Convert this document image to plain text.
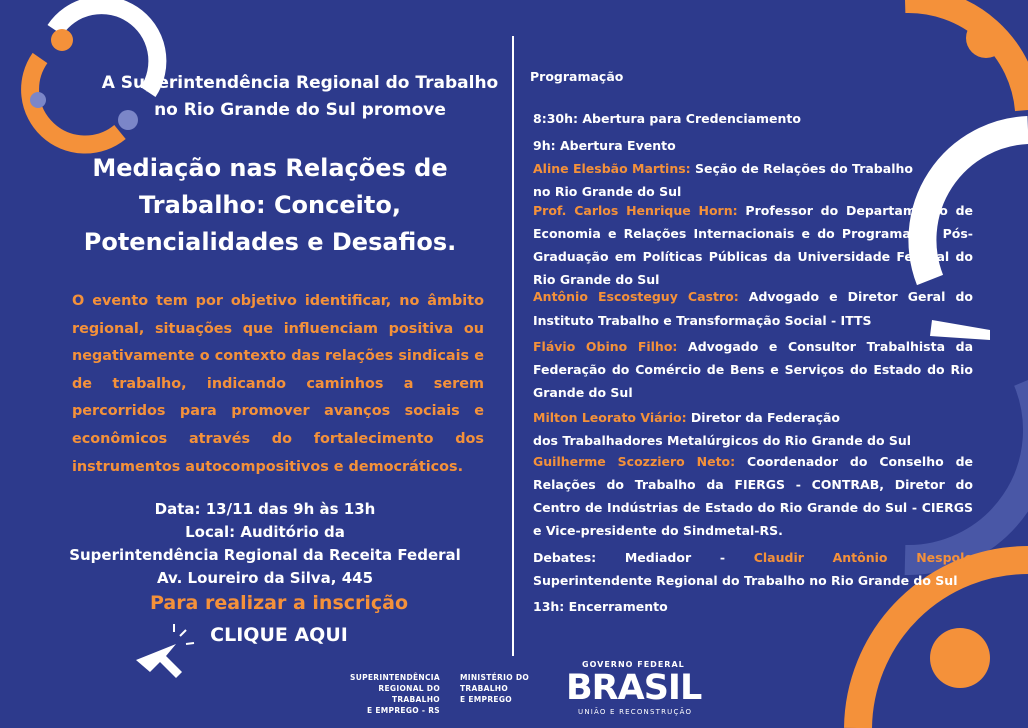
A Superintendência Regional do Trabalho
no Rio Grande do Sul promove
Mediação nas Relações de
Trabalho: Conceito,
Potencialidades e Desafios.
O evento tem por objetivo identificar, no âmbito
regional, situações que influenciam positiva ou
negativamente o contexto das relações sindicais e
de trabalho, indicando caminhos a serem
percorridos para promover avanços sociais e
econômicos através do fortalecimento dos
instrumentos autocompositivos e democráticos.
Data: 13/11 das 9h às 13h
Local: Auditório da
Superintendência Regional da Receita Federal
Av. Loureiro da Silva, 445
Para realizar a inscrição
CLIQUE AQUI
Programação
8:30h: Abertura para Credenciamento
9h: Abertura Evento
Aline Elesbão Martins: Seção de Relações do Trabalho
no Rio Grande do Sul
Prof. Carlos Henrique Horn: Professor do Departamento de
Economia e Relações Internacionais e do Programa de Pós-
Graduação em Políticas Públicas da Universidade Federal do
Rio Grande do Sul
Antônio Escosteguy Castro: Advogado e Diretor Geral do
Instituto Trabalho e Transformação Social - ITTS
Flávio Obino Filho: Advogado e Consultor Trabalhista da
Federação do Comércio de Bens e Serviços do Estado do Rio
Grande do Sul
Milton Leorato Viário: Diretor da Federação
dos Trabalhadores Metalúrgicos do Rio Grande do Sul
Guilherme Scozziero Neto: Coordenador do Conselho de
Relações do Trabalho da FIERGS - CONTRAB, Diretor do
Centro de Indústrias de Estado do Rio Grande do Sul - CIERGS
e Vice-presidente do Sindmetal-RS.
Debates: Mediador - Claudir Antônio Nespolo
Superintendente Regional do Trabalho no Rio Grande do Sul
13h: Encerramento
SUPERINTENDÊNCIA
REGIONAL DO TRABALHO
E EMPREGO - RS
MINISTÉRIO DO
TRABALHO
E EMPREGO
GOVERNO FEDERAL
BRASIL
UNIÃO E RECONSTRUÇÃO
